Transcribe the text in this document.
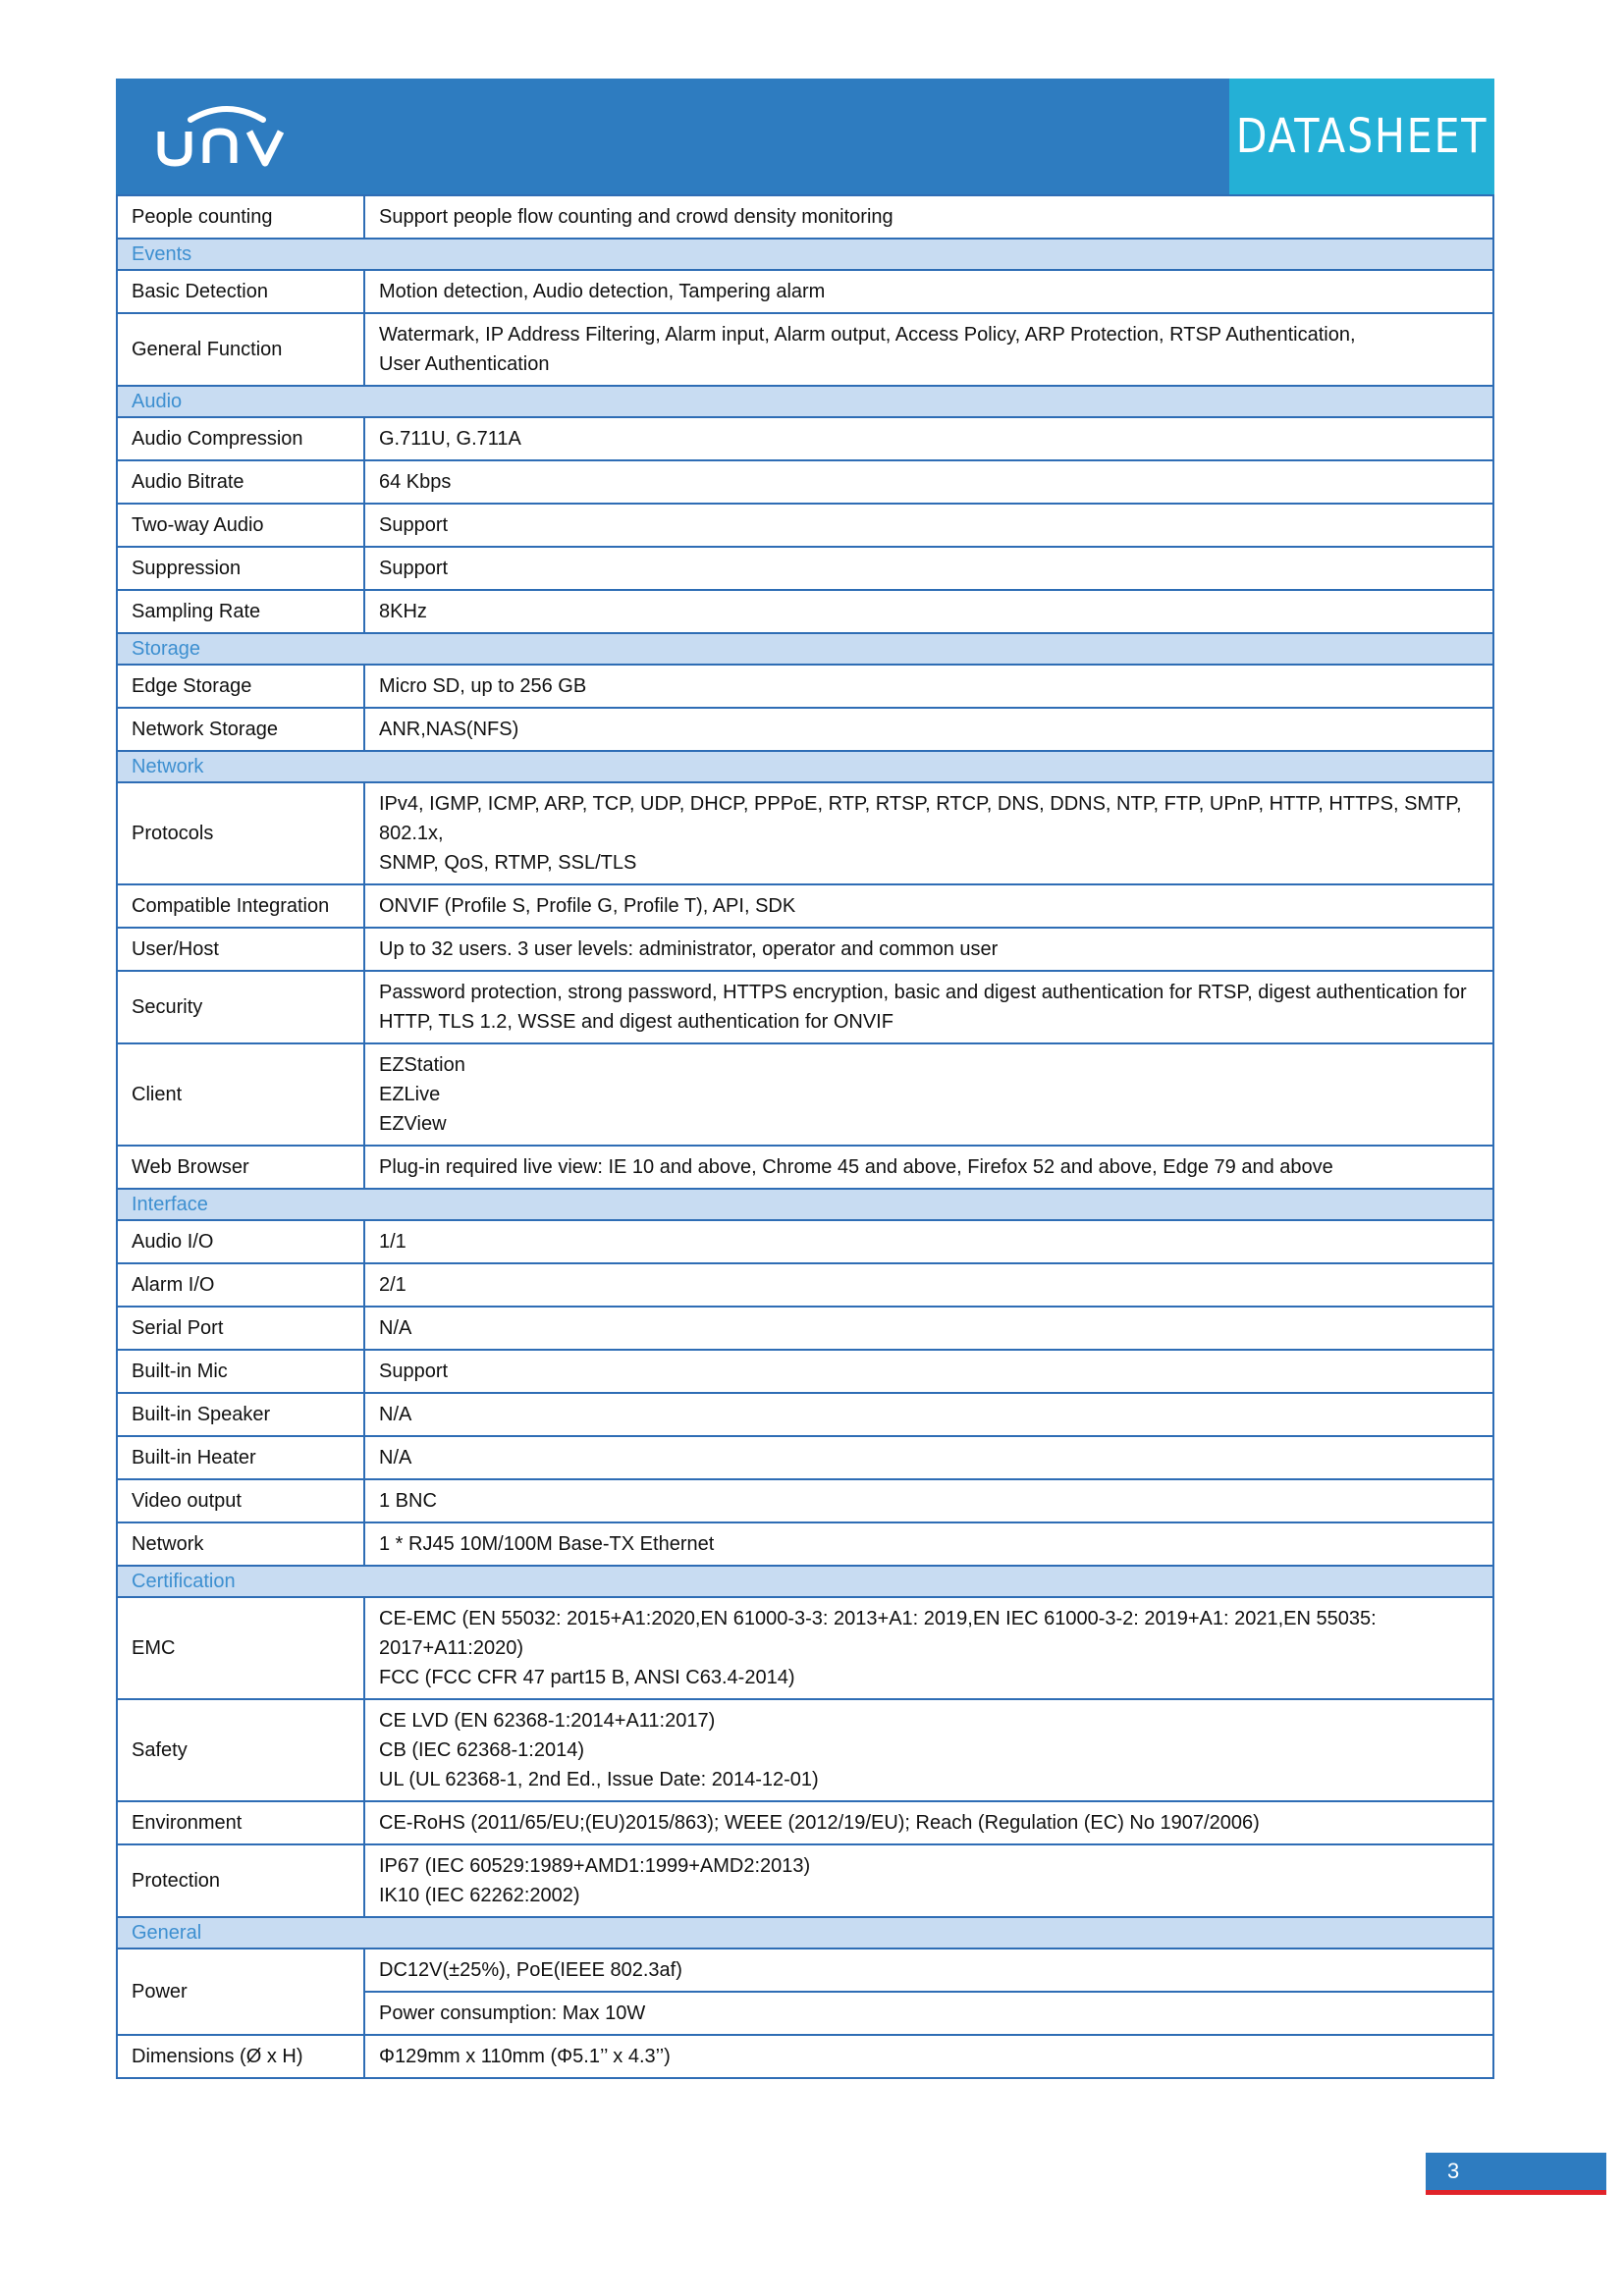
DATASHEET
People counting	Support people flow counting and crowd density monitoring

Events	
Basic Detection	Motion detection, Audio detection, Tampering alarm

General Function	Watermark, IP Address Filtering, Alarm input, Alarm output, Access Policy, ARP Protection, RTSP Authentication,
User Authentication

Audio	
Audio Compression	G.711U, G.711A

Audio Bitrate	64 Kbps

Two-way Audio	Support

Suppression	Support

Sampling Rate	8KHz

Storage	
Edge Storage	Micro SD, up to 256 GB

Network Storage	ANR,NAS(NFS)

Network	
Protocols	IPv4, IGMP, ICMP, ARP, TCP, UDP, DHCP, PPPoE, RTP, RTSP, RTCP, DNS, DDNS, NTP, FTP, UPnP, HTTP, HTTPS, SMTP, 802.1x,
SNMP, QoS, RTMP, SSL/TLS

Compatible Integration	ONVIF (Profile S, Profile G, Profile T), API, SDK

User/Host	Up to 32 users. 3 user levels: administrator, operator and common user

Security	Password protection, strong password, HTTPS encryption, basic and digest authentication for RTSP, digest authentication for
HTTP, TLS 1.2, WSSE and digest authentication for ONVIF

Client	EZStation
EZLive
EZView

Web Browser	Plug-in required live view: IE 10 and above, Chrome 45 and above, Firefox 52 and above, Edge 79 and above

Interface	
Audio I/O	1/1

Alarm I/O	2/1

Serial Port	N/A

Built-in Mic	Support

Built-in Speaker	N/A

Built-in Heater	N/A

Video output	1 BNC

Network	1 * RJ45 10M/100M Base-TX Ethernet

Certification	
EMC	CE-EMC (EN 55032: 2015+A1:2020,EN 61000-3-3: 2013+A1: 2019,EN IEC 61000-3-2: 2019+A1: 2021,EN 55035:
2017+A11:2020)
FCC (FCC CFR 47 part15 B, ANSI C63.4-2014)

Safety	CE LVD (EN 62368-1:2014+A11:2017)
CB (IEC 62368-1:2014)
UL (UL 62368-1, 2nd Ed., Issue Date: 2014-12-01)

Environment	CE-RoHS (2011/65/EU;(EU)2015/863); WEEE (2012/19/EU); Reach (Regulation (EC) No 1907/2006)

Protection	IP67 (IEC 60529:1989+AMD1:1999+AMD2:2013)
IK10 (IEC 62262:2002)

General	
Power	DC12V(±25%), PoE(IEEE 802.3af)

	Power consumption: Max 10W
Dimensions (Ø x H)	Φ129mm x 110mm (Φ5.1’’ x 4.3’’)
3
